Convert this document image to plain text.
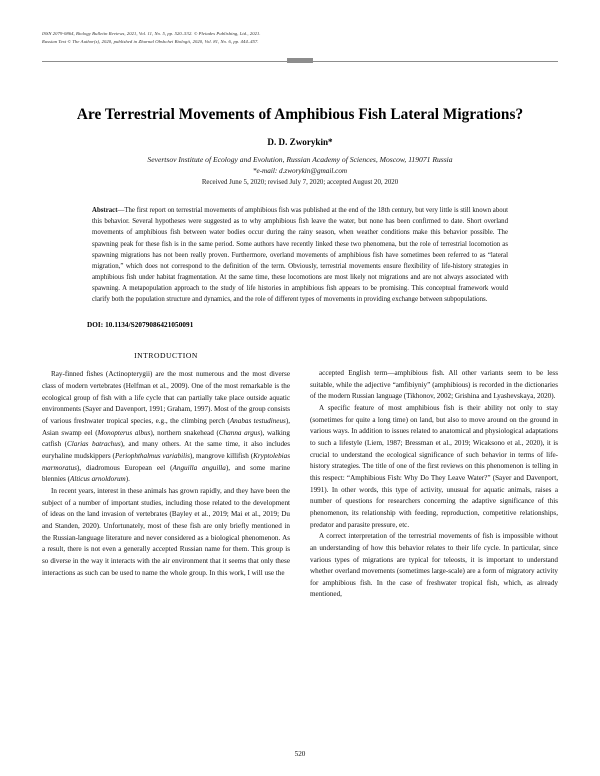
ISSN 2079-0864, Biology Bulletin Reviews, 2021, Vol. 11, No. 5, pp. 520–532. © Pleiades Publishing, Ltd., 2021.
Russian Text © The Author(s), 2020, published in Zhurnal Obshchei Biologii, 2020, Vol. 81, No. 6, pp. 444–457.
Are Terrestrial Movements of Amphibious Fish Lateral Migrations?
D. D. Zworykin*
Severtsov Institute of Ecology and Evolution, Russian Academy of Sciences, Moscow, 119071 Russia
*e-mail: d.zworykin@gmail.com
Received June 5, 2020; revised July 7, 2020; accepted August 20, 2020
Abstract—The first report on terrestrial movements of amphibious fish was published at the end of the 18th century, but very little is still known about this behavior. Several hypotheses were suggested as to why amphibious fish leave the water, but none has been confirmed to date. Short overland movements of amphibious fish between water bodies occur during the rainy season, when weather conditions make this behavior possible. The spawning peak for these fish is in the same period. Some authors have recently linked these two phenomena, but the role of terrestrial locomotion as spawning migrations has not been really proven. Furthermore, overland movements of amphibious fish have sometimes been referred to as “lateral migration,” which does not correspond to the definition of the term. Obviously, terrestrial movements ensure flexibility of life-history strategies in amphibious fish under habitat fragmentation. At the same time, these locomotions are most likely not migrations and are not always associated with spawning. A metapopulation approach to the study of life histories in amphibious fish appears to be promising. This conceptual framework would clarify both the population structure and dynamics, and the role of different types of movements in providing exchange between subpopulations.
DOI: 10.1134/S2079086421050091
INTRODUCTION

Ray-finned fishes (Actinopterygii) are the most numerous and the most diverse class of modern vertebrates (Helfman et al., 2009). One of the most remarkable is the ecological group of fish with a life cycle that can partially take place outside aquatic environments (Sayer and Davenport, 1991; Graham, 1997). Most of the group consists of various freshwater tropical species, e.g., the climbing perch (Anabas testudineus), Asian swamp eel (Monopterus albus), northern snakehead (Channa argus), walking catfish (Clarias batrachus), and many others. At the same time, it also includes euryhaline mudskippers (Periophthalmus variabilis), mangrove killifish (Kryptolebias marmoratus), diadromous European eel (Anguilla anguilla), and some marine blennies (Alticus arnoldorum).

In recent years, interest in these animals has grown rapidly, and they have been the subject of a number of important studies, including those related to the development of ideas on the land invasion of vertebrates (Bayley et al., 2019; Mai et al., 2019; Du and Standen, 2020). Unfortunately, most of these fish are only briefly mentioned in the Russian-language literature and never considered as a biological phenomenon. As a result, there is not even a generally accepted Russian name for them. This group is so diverse in the way it interacts with the air environment that it seems that only these interactions as such can be used to name the whole group. In this work, I will use the

accepted English term—amphibious fish. All other variants seem to be less suitable, while the adjective “amfibiyniy” (amphibious) is recorded in the dictionaries of the modern Russian language (Tikhonov, 2002; Grishina and Lyashevskaya, 2020).

A specific feature of most amphibious fish is their ability not only to stay (sometimes for quite a long time) on land, but also to move around on the ground in various ways. In addition to issues related to anatomical and physiological adaptations to such a lifestyle (Liem, 1987; Bressman et al., 2019; Wicaksono et al., 2020), it is crucial to understand the ecological significance of such behavior in terms of life-history strategies. The title of one of the first reviews on this phenomenon is telling in this respect: “Amphibious Fish: Why Do They Leave Water?” (Sayer and Davenport, 1991). In other words, this type of activity, unusual for aquatic animals, raises a number of questions for researchers concerning the adaptive significance of this phenomenon, its relationship with feeding, reproduction, competitive relationships, predator and parasite pressure, etc.

A correct interpretation of the terrestrial movements of fish is impossible without an understanding of how this behavior relates to their life cycle. In particular, since various types of migrations are typical for teleosts, it is important to understand whether overland movements (sometimes large-scale) are a form of migratory activity for amphibious fish. In the case of freshwater tropical fish, which, as already mentioned,

520
